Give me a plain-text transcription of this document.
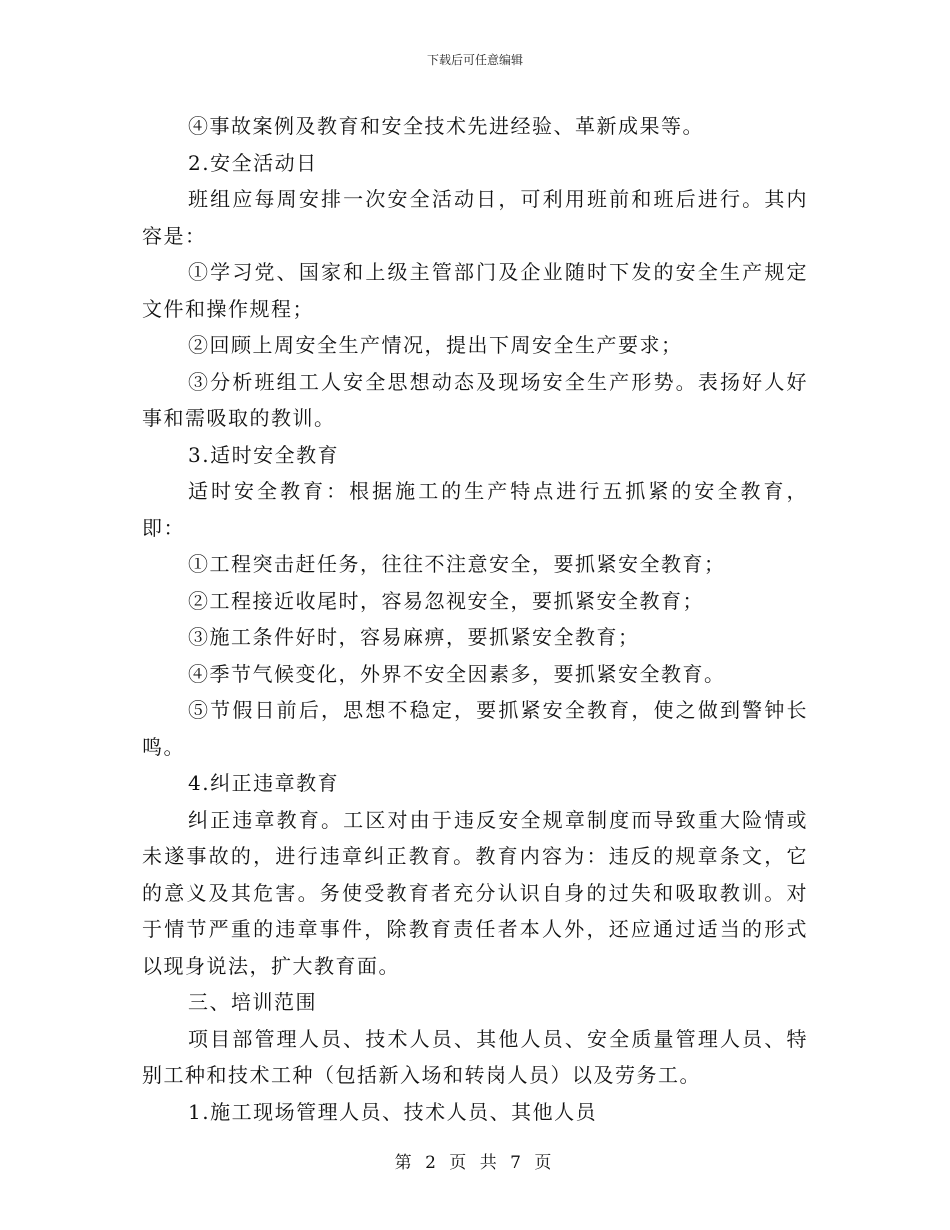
下载后可任意编辑

④事故案例及教育和安全技术先进经验、革新成果等。

2.安全活动日

班组应每周安排一次安全活动日，可利用班前和班后进行。其内容是：

①学习党、国家和上级主管部门及企业随时下发的安全生产规定文件和操作规程；

②回顾上周安全生产情况，提出下周安全生产要求；

③分析班组工人安全思想动态及现场安全生产形势。表扬好人好事和需吸取的教训。

3.适时安全教育

适时安全教育：根据施工的生产特点进行五抓紧的安全教育，即：

①工程突击赶任务，往往不注意安全，要抓紧安全教育；

②工程接近收尾时，容易忽视安全，要抓紧安全教育；

③施工条件好时，容易麻痹，要抓紧安全教育；

④季节气候变化，外界不安全因素多，要抓紧安全教育。

⑤节假日前后，思想不稳定，要抓紧安全教育，使之做到警钟长鸣。

4.纠正违章教育

纠正违章教育。工区对由于违反安全规章制度而导致重大险情或未遂事故的，进行违章纠正教育。教育内容为：违反的规章条文，它的意义及其危害。务使受教育者充分认识自身的过失和吸取教训。对于情节严重的违章事件，除教育责任者本人外，还应通过适当的形式以现身说法，扩大教育面。

三、培训范围

项目部管理人员、技术人员、其他人员、安全质量管理人员、特别工种和技术工种（包括新入场和转岗人员）以及劳务工。

1.施工现场管理人员、技术人员、其他人员

第 2 页 共 7 页
